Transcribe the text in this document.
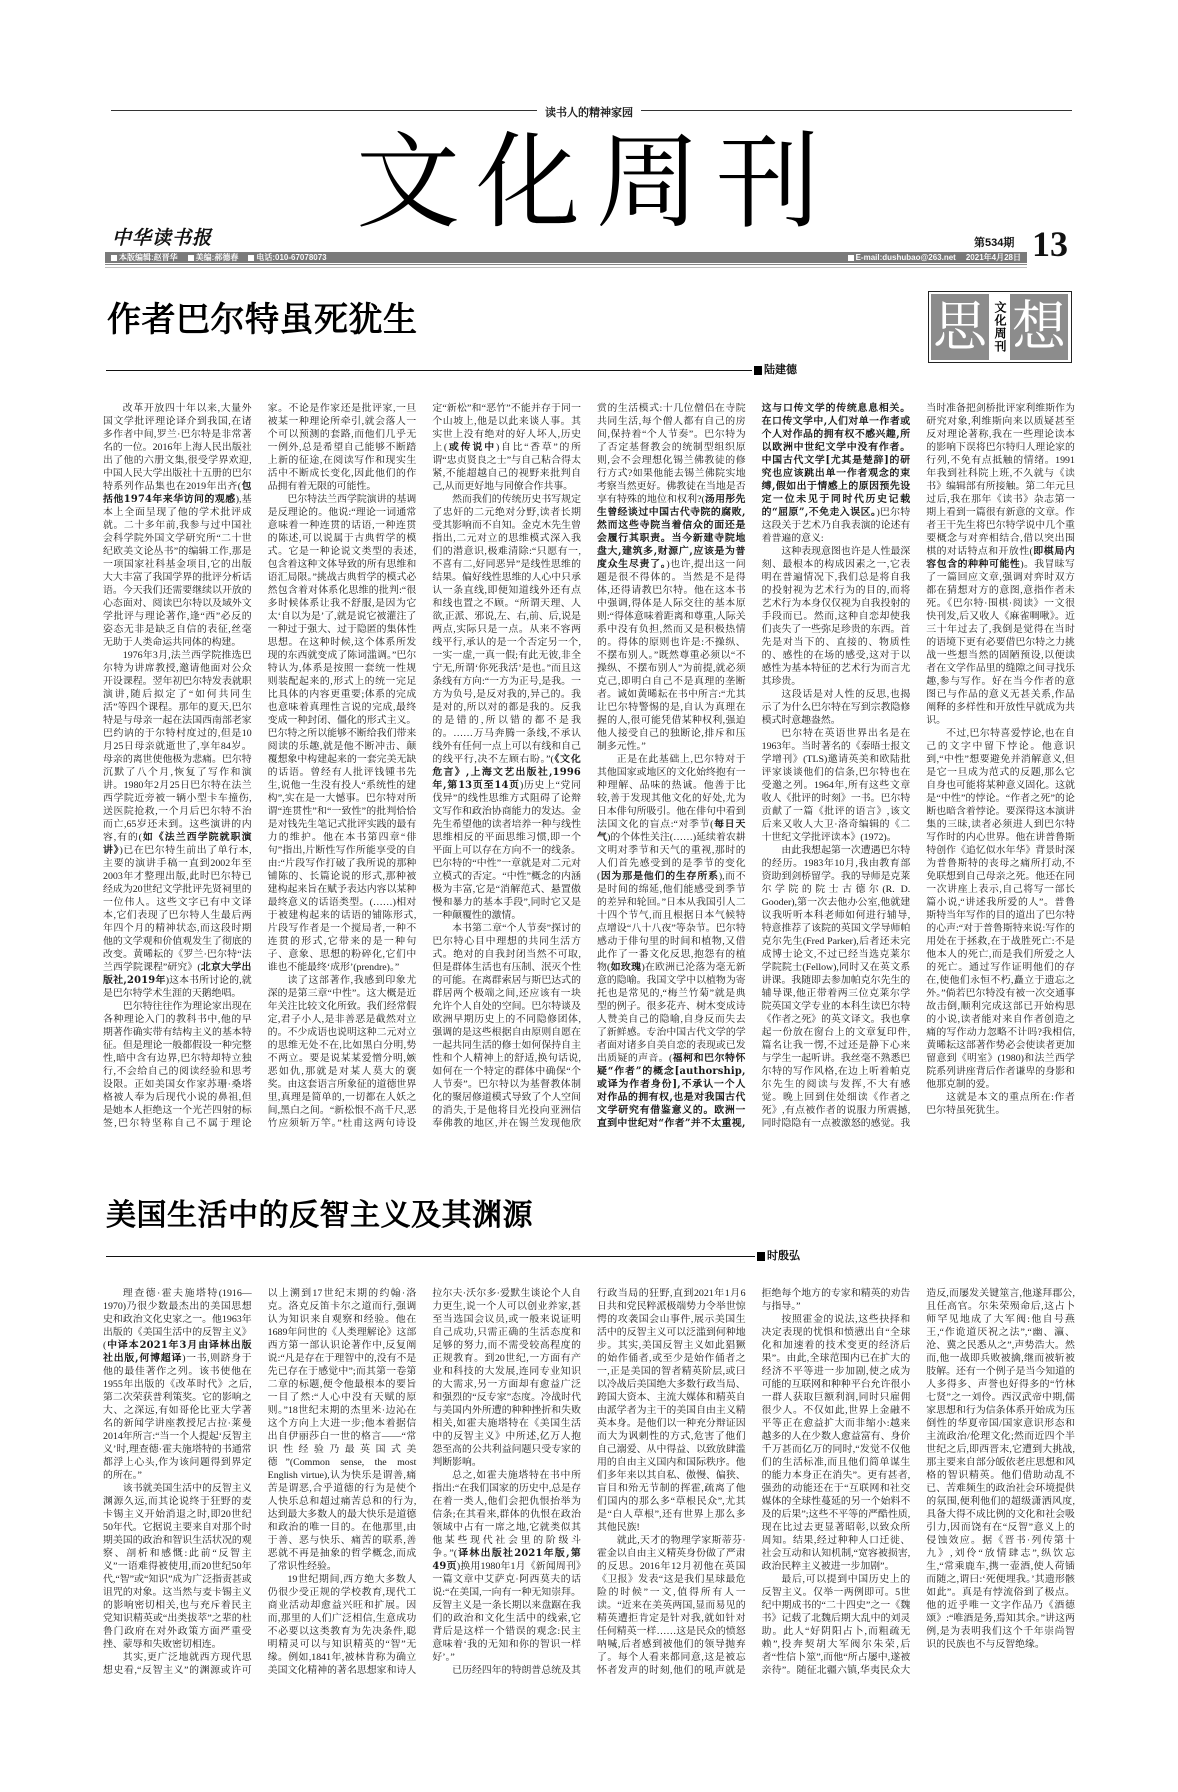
读书人的精神家园
文化周刊
中华读书报	第534期 13
本版编辑:赵晋华 美编:郝德春 电话:010-67078073	E-mail:dushubao@263.net 2021年4月28日
思 文化周刊 想
作者巴尔特虽死犹生
陆建德

改革开放四十年以来,大量外国文学批评理论译介到我国,在诸多作者中间,罗兰·巴尔特是非常著名的一位。2016年上海人民出版社出了他的六册文集,很受学界欢迎,中国人民大学出版社十五册的巴尔特系列作品集也在2019年出齐(包括他1974年来华访问的观感),基本上全面呈现了他的学术批评成就。二十多年前,我参与过中国社会科学院外国文学研究所“二十世纪欧美文论丛书”的编辑工作,那是一项国家社科基金项目,它的出版大大丰富了我国学界的批评分析话语。今天我们还需要继续以开放的心态面对、阅读巴尔特以及域外文学批评与理论著作,逢“西”必反的姿态无非是缺乏自信的表征,丝毫无助于人类命运共同体的构建。

1976年3月,法兰西学院推选巴尔特为讲席教授,邀请他面对公众开设课程。翌年初巴尔特发表就职演讲,随后拟定了“如何共同生活”等四个课程。那年的夏天,巴尔特是与母亲一起在法国西南部老家巴约讷的于尔特村度过的,但是10月25日母亲就逝世了,享年84岁。母亲的离世使他极为悲痛。巴尔特沉默了八个月,恢复了写作和演讲。1980年2月25日巴尔特在法兰西学院近旁被一辆小型卡车撞伤,送医院抢救,一个月后巴尔特不治而亡,65岁还未到。这些演讲的内容,有的(如《法兰西学院就职演讲》)已在巴尔特生前出了单行本,主要的演讲手稿一直到2002年至2003年才整理出版,此时巴尔特已经成为20世纪文学批评先贤祠里的一位伟人。这些文字已有中文译本,它们表现了巴尔特人生最后两年四个月的精神状态,而这段时期他的文学观和价值观发生了彻底的改变。黄晞耘的《罗兰·巴尔特“法兰西学院课程”研究》(北京大学出版社,2019年)这本书所讨论的,就是巴尔特学术生涯的天鹅绝唱。

巴尔特往往作为理论家出现在各种理论入门的教科书中,他的早期著作确实带有结构主义的基本特征。但是理论一般都假设一种完整性,暗中含有边界,巴尔特却特立独行,不会给自己的阅读经验和思考设限。正如美国女作家苏珊·桑塔格被人奉为后现代小说的鼻祖,但是她本人拒绝这一个光芒四射的标签,巴尔特坚称自己不属于理论家。不论是作家还是批评家,一旦被某一种理论所牵引,就会落人一个可以预测的套路,而他们几乎无一例外,总是希望自己能够不断踏上新的征途,在阅读写作和现实生活中不断成长变化,因此他们的作品拥有着无限的可能性。

巴尔特法兰西学院演讲的基调是反理论的。他说:“理论一词通常意味着一种连贯的话语,一种连贯的陈述,可以说属于古典哲学的模式。它是一种论说文类型的表述,包含着这种文体导致的所有思维和语汇局限。”挑战古典哲学的模式必然包含着对体系化思维的批判:“很多时候体系让我不舒服,是因为它太‘自以为是’了,就是说它被灌注了一种过于强大、过于隐匿的集体性思想。在这种时候,这个体系所发现的东西就变成了陈词滥调。”巴尔特认为,体系是按照一套统一性规则装配起来的,形式上的统一完足比具体的内容更重要;体系的完成也意味着真理性言说的完成,最终变成一种封闭、僵化的形式主义。巴尔特之所以能够不断给我们带来阅读的乐趣,就是他不断冲击、颠覆想象中构建起来的一套完美无缺的话语。曾经有人批评钱锺书先生,说他一生没有投人“系统性的建构”,实在是一大憾事。巴尔特对所谓“连贯性”和“一致性”的批判恰恰是对钱先生笔记式批评实践的最有力的维护。他在本书第四章“俳句”指出,片断性写作所能享受的自由:“片段写作打破了我所说的那种铺陈的、长篇论说的形式,那种被建构起来旨在赋予表达内容以某种最终意义的话语类型。(……)相对于被建构起来的话语的铺陈形式,片段写作者是一个搅局者,一种不连贯的形式,它带来的是一种句子、意象、思想的粉碎化,它们中谁也不能最终‘成形’(prendre)。”

读了这部著作,我感到印象尤深的是第三章“中性”。这大概是近年关注比较文化所致。我们经常假定,君子小人,是非善恶是截然对立的。不少成语也说明这种二元对立的思维无处不在,比如黑白分明,势不两立。要是说某某爱憎分明,嫉恶如仇,那就是对某人莫大的褒奖。由这套语言所象征的道德世界里,真理是简单的,一切都在人妖之间,黑白之间。“新松恨不高千尺,恶竹应须斩万竿。”杜甫这两句诗设定“新松”和“恶竹”不能并存于同一个山坡上,他是以此来谈人事。其实世上没有绝对的好人坏人,历史上(或传说中)自比“香草”的所谓“忠贞贤良之士”与自己粘合得太紧,不能超越自己的视野来批判自己,从而更好地与同僚合作共事。

然而我们的传统历史书写规定了忠奸的二元绝对分野,读者长期受其影响而不自知。金克木先生曾指出,二元对立的思维模式深入我们的潜意识,极难清除:“只愿有一,不喜有二,好同恶异”是线性思维的结果。偏好线性思维的人心中只承认一条直线,即便知道线外还有点和线也置之不顾。“所谓天理、人欲,正派、邪说,左、右,前、后,说是两点,实际只是一点。从来不容两线平行,承认的是一个否定另一个,一实一虚,一真一假;有此无彼,非全宁无,所谓‘你死我活’是也。”而且这条线有方向:“一方为正号,是我。一方为负号,是反对我的,异己的。我是对的,所以对的都是我的。反我的是错的,所以错的都不是我的。……万马奔腾一条线,不承认线外有任何一点上可以有线和自己的线平行,决不左顾右盼。”(《文化危言》,上海文艺出版社,1996年,第13页至14页)历史上“党同伐异”的线性思维方式阻碍了论辩文写作和政治协商能力的发达。金先生希望他的读者培养一种与线性思维相反的平面思维习惯,即一个平面上可以存在方向不一的线条。巴尔特的“中性”一章就是对二元对立模式的否定。“中性”概念的内涵极为丰富,它是“消解范式、悬置傲慢和暴力的基本手段”,同时它又是一种颠覆性的激情。

本书第二章“个人节奏”探讨的巴尔特心目中理想的共同生活方式。绝对的自我封闭当然不可取,但是群体生活也有压制、泯灭个性的可能。在离群索居与斯巴达式的群居两个极端之间,还应该有一块允许个人自处的空间。巴尔特谈及欧洲早期历史上的不同隐修团体,强调的是这些根据自由原则自愿在一起共同生活的修士如何保持自主性和个人精神上的舒适,换句话说,如何在一个特定的群体中确保“个人节奏”。巴尔特以为基督教体制化的聚居修道模式导致了个人空间的消失,于是他将目光投向亚洲信奉佛教的地区,并在锡兰发现他欣赏的生活模式:十几位僧侣在寺院共同生活,每个僧人都有自己的房间,保持着“个人节奏”。巴尔特为了否定基督教会的统制型组织原则,会不会理想化锡兰佛教徒的修行方式?如果他能去锡兰佛院实地考察当然更好。佛教徒在当地是否享有特殊的地位和权利?(汤用彤先生曾经谈过中国古代寺院的腐败,然而这些寺院当着信众的面还是会履行其职责。当今新建寺院地盘大,建筑多,财源广,应该是为普度众生尽责了。)也许,提出这一问题是很不得体的。当然是不是得体,还得请教巴尔特。他在这本书中强调,得体是人际交往的基本原则:“得体意味着距离和尊重,人际关系中没有负担,然而又是积极热情的。得体的原则也许是:不操纵、不摆布别人。”既然尊重必须以“不操纵、不摆布别人”为前提,就必须克己,即明白自己不是真理的垄断者。诚如黄晞耘在书中所言:“尤其让巴尔特警惕的是,自认为真理在握的人,很可能凭借某种权利,强迫他人接受自己的独断论,排斥和压制多元性。”

正是在此基础上,巴尔特对于其他国家或地区的文化始终抱有一种理解、品味的热诚。他善于比较,善于发现其他文化的好处,尤为日本俳句所吸引。他在俳句中看到法国文化的盲点:“对季节(每日天气)的个体性关注(……)延续着农耕文明对季节和天气的重视,那时的人们首先感受到的是季节的变化(因为那是他们的生存所系),而不是时间的绵延,他们能感受到季节的差异和轮回。”日本从我国引人二十四个节气,而且根据日本气候特点增设“八十八夜”等杂节。巴尔特感动于俳句里的时间和植物,又借此作了一番文化反思,抱怨有的植物(如玫瑰)在欧洲已沦落为毫无新意的隐喻。我国文学中以植物为寄托也是常见的,“梅兰竹菊”就是典型的例子。很多花卉、树木变成诗人赞美自己的隐喻,自身反而失去了新鲜感。专治中国古代文学的学者面对诸多自美自恋的表现或已发出质疑的声音。(福柯和巴尔特怀疑“作者”的概念[authorship,或译为作者身份],不承认一个人对作品的拥有权,也是对我国古代文学研究有借鉴意义的。欧洲一直到中世纪对“作者”并不太重视,这与口传文学的传统息息相关。在口传文学中,人们对单一作者或个人对作品的拥有权不感兴趣,所以欧洲中世纪文学中没有作者。中国古代文学[尤其是楚辞]的研究也应该跳出单一作者观念的束缚,假如出于情感上的原因预先设定一位未见于同时代历史记载的“屈原”,不免走入误区。)巴尔特这段关于艺术乃自我表演的论述有着普遍的意义:

这种表现意图也许是人性最深刻、最根本的构成因素之一,它表明在普遍情况下,我们总是将自我的投射视为艺术行为的目的,而将艺术行为本身仅仅视为自我投射的手段而已。然而,这种自恋却使我们丧失了一些弥足珍贵的东西。首先是对当下的、直接的、物质性的、感性的在场的感受,这对于以感性为基本特征的艺术行为而言尤其珍贵。

这段话是对人性的反思,也揭示了为什么巴尔特在写到宗教隐修模式时意趣盎然。

巴尔特在英语世界出名是在1963年。当时著名的《泰晤士报文学增刊》(TLS)邀请英美和欧陆批评家谈谈他们的信条,巴尔特也在受邀之列。1964年,所有这些文章收人《批评的时刻》一书。巴尔特贡献了一篇《批评的语言》,该文后来又收人大卫·洛奇编辑的《二十世纪文学批评读本》(1972)。

由此我想起第一次遭遇巴尔特的经历。1983年10月,我由教育部资助到剑桥留学。我的导师是克莱尔学院的院士古德尔(R. D. Gooder),第一次去他办公室,他就建议我听听本科老师如何进行辅导,特意推荐了该院的英国文学导师帕克尔先生(Fred Parker),后者还未完成博士论文,不过已经当选克莱尔学院院士(Fellow),同时又在英文系讲课。我随即去参加帕克尔先生的辅导课,他正带着两三位克莱尔学院英国文学专业的本科生读巴尔特《作者之死》的英文译文。我也拿起一份放在窗台上的文章复印件,篇名让我一愣,不过还是静下心来与学生一起听讲。我丝毫不熟悉巴尔特的写作风格,在边上听着帕克尔先生的阅读与发挥,不大有感觉。晚上回到住处细读《作者之死》,有点被作者的说服力所震撼,同时隐隐有一点被激怒的感觉。我当时准备把剑桥批评家利维斯作为研究对象,利维斯向来以质疑甚至反对理论著称,我在一些理论读本的影响下误将巴尔特归人理论家的行列,不免有点抵触的情绪。1991年我到社科院上班,不久就与《读书》编辑部有所接触。第二年元旦过后,我在那年《读书》杂志第一期上看到一篇很有新意的文章。作者王干先生将巴尔特学说中几个重要概念与对弈相结合,借以突出围棋的对话特点和开放性(即棋局内容包含的种种可能性)。我冒昧写了一篇回应文章,强调对弈时双方都在猜想对方的意图,意指作者未死。《巴尔特·围棋·阅读》一文很快刊发,后又收人《麻雀啁啾》。近三十年过去了,我倒是觉得在当时的语境下更有必要借巴尔特之力挑战一些想当然的固陋预设,以便读者在文学作品里的缝隙之间寻找乐趣,参与写作。好在当今作者的意图已与作品的意义无甚关系,作品阐释的多样性和开放性早就成为共识。

不过,巴尔特喜爱悖论,也在自己的文字中留下悖论。他意识到,“中性”想要避免并消解意义,但是它一旦成为范式的反题,那么它自身也可能将某种意义固化。这就是“中性”的悖论。“作者之死”的论断也暗含着悖论。要深得这本演讲集的三昧,读者必须进人到巴尔特写作时的内心世界。他在讲普鲁斯特创作《追忆似水年华》背景时深为普鲁斯特的丧母之痛所打动,不免联想到自己母亲之死。他还在同一次讲座上表示,自己将写一部长篇小说,“讲述我所爱的人”。普鲁斯特当年写作的目的道出了巴尔特的心声:“对于普鲁斯特来说:写作的用处在于拯救,在于战胜死亡:不是他本人的死亡,而是我们所爱之人的死亡。通过写作证明他们的存在,使他们永恒不朽,矗立于遗忘之外。”倘若巴尔特没有被一次交通事故击倒,顺利完成这部已开始构思的小说,读者能对来自作者创造之痛的写作动力忽略不计吗?我相信,黄晞耘这部著作势必会使读者更加留意到《明室》(1980)和法兰西学院系列讲座背后作者谦卑的身影和他那克制的爱。

这就是本文的重点所在:作者巴尔特虽死犹生。

美国生活中的反智主义及其渊源
时殷弘

理查德·霍夫施塔特(1916—1970)乃很少数最杰出的美国思想史和政治文化史家之一。他1963年出版的《美国生活中的反智主义》(中译本2021年3月由译林出版社出版,何博超译)一书,则跻身于他的最佳著作之列。该书使他在1955年出版的《改革时代》之后,第二次荣获普利策奖。它的影响之大、之深远,有如哥伦比亚大学著名的新闻学讲座教授尼古拉·莱曼2014年所言:“当一个人提起‘反智主义’时,理查德·霍夫施塔特的书通常都浮上心头,作为该问题得到界定的所在。”

该书就美国生活中的反智主义渊源久远,而其论说终于狂野的麦卡锡主义开始消退之时,即20世纪50年代。它据说主要来自对那个时期美国的政治和智识生活状况的观察、剖析和感慨:此前“反智主义”一语难得被使用,而20世纪50年代,“智”或“知识”成为广泛指责甚或诅咒的对象。这当然与麦卡锡主义的影响密切相关,也与充斥着民主党知识精英或“出类拔萃”之辈的杜鲁门政府在对外政策方面严重受挫、蒙辱和失败密切相连。

其实,更广泛地就西方现代思想史看,“反智主义”的渊源或许可以上溯到17世纪末期的约翰·洛克。洛克反笛卡尔之道而行,强调认为知识来自观察和经验。他在1689年问世的《人类理解论》这部西方第一部认识论著作中,反复阐说:“凡是存在于理智中的,没有不是先已存在于感觉中”;而其第一卷第二章的标题,便令他最根本的要旨一目了然:“人心中没有天赋的原则。”18世纪末期的杰里米·边沁在这个方向上大进一步;他本着据信出自伊丽莎白一世的格言——“常识性经验乃最英国式美德”(Common sense, the most English virtue),认为快乐是谓善,痛苦是谓恶,合乎道德的行为是使个人快乐总和超过痛苦总和的行为,达到最大多数人的最大快乐是道德和政治的唯一目的。在他那里,由于善、恶与快乐、痛苦的联系,善恶就不再是抽象的哲学概念,而成了常识性经验。

19世纪期间,西方绝大多数人仍很少受正规的学校教育,现代工商业活动却愈益兴旺和扩展。因而,那里的人们广泛相信,生意成功不必要以这类教育为先决条件,聪明精灵可以与知识精英的“智”无缘。例如,1841年,被林肯称为确立美国文化精神的著名思想家和诗人拉尔夫·沃尔多·爱默生谈论个人自力更生,说一个人可以创业养家,甚至当选国会议员,或一般来说证明自己成功,只需正确的生活态度和足够的努力,而不需受较高程度的正规教育。到20世纪,一方面有产业和科技的大发展,连同专业知识的大需求,另一方面却有愈益广泛和强烈的“反专家”态度。冷战时代与美国内外所遭的种种挫折和失败相关,如霍夫施塔特在《美国生活中的反智主义》中所述,亿万人抱怨至高的公共利益问题只受专家的判断影响。

总之,如霍夫施塔特在书中所指出:“在我们国家的历史中,总是存在着一类人,他们会把仇恨抬举为信条;在其看来,群体的仇恨在政治领域中占有一席之地,它就类似其他某些现代社会里的阶级斗争。”(译林出版社2021年版,第49页)换用1980年1月《新闻周刊》一篇文章中艾萨克·阿西莫夫的话说:“在美国,一向有一种无知崇拜。反智主义是一条长期以来盘踞在我们的政治和文化生活中的线索,它背后是这样一个错误的观念:民主意味着‘我的无知和你的智识一样好’。”

已历经四年的特朗普总统及其行政当局的狂野,直到2021年1月6日共和党民粹派极端势力令举世惊愕的攻袭国会山事件,展示美国生活中的反智主义可以泛滥到何种地步。其实,美国反智主义如此猖獗的始作俑者,或至少是始作俑者之一,正是美国的智者精英阶层,或曰以冷战后美国绝大多数行政当局、跨国大资本、主流大媒体和精英自由派学者为主干的美国自由主义精英本身。是他们以一种充分辩证因而大为讽刺性的方式,危害了他们自己溺爱、从中得益、以致放肆滥用的自由主义国内和国际秩序。他们多年来以其自私、傲慢、偏狭、盲目和殆无节制的挥霍,疏离了他们国内的那么多“草根民众”,尤其是“白人草根”,还有世界上那么多其他民族!

就此,天才的物理学家斯蒂芬·霍金以自由主义精英身份做了严肃的反思。2016年12月初他在英国《卫报》发表“这是我们星球最危险的时候”一文,值得所有人一读。“近来在美英两国,显而易见的精英遭拒肯定是针对我,就如针对任何精英一样……这是民众的愤怒呐喊,后者感到被他们的领导抛弃了。每个人看来都同意,这是被忘怀者发声的时刻,他们的吼声就是拒绝每个地方的专家和精英的劝告与指导。”

按照霍金的说法,这些抉择和决定表现的忧惧和愤懑出自“全球化和加速着的技术变更的经济后果”。由此,全球范围内已在扩大的经济不平等进一步加剧,使之成为可能的互联网和种种平台允许很小一群人获取巨额利润,同时只雇佣很少人。不仅如此,世界上金融不平等正在愈益扩大而非缩小:越来越多的人在少数人愈益富有、身价千万甚而亿万的同时,“发觉不仅他们的生活标准,而且他们简单谋生的能力本身正在消失”。更有甚者,强劲的动能还在于“互联网和社交媒体的全球性蔓延的另一个始料不及的后果”;这些不平等的严酷性质,现在比过去更显著昭彰,以致众所周知。结果,经过种种人口迁徙、社会互动和认知机制,“宽容被损害,政治民粹主义被进一步加剧”。

最后,可以提到中国历史上的反智主义。仅举一两例即可。5世纪中期成书的“二十四史”之一《魏书》记载了北魏后期大乱中的刘灵助。此人“好阴阳占卜,而粗疏无赖”,投奔契胡大军阀尔朱荣,后者“性信卜筮”,而他“所占屡中,遂被亲待”。随征北疆六镇,华夷民众大造反,而屡发关键筮言,他遂拜郡公,且任高官。尔朱荣殒命后,这占卜师罕见地成了大军阀:他自号燕王,“作诡道厌祝之法”,“幽、瀛、沧、冀之民悉从之”,声势浩大。然而,他一战即兵败被擒,继而被斩被肢解。还有一个例子是当今知道的人多得多、声誉也好得多的“竹林七贤”之一刘伶。西汉武帝中期,儒家思想和行为信条体系开始成为压倒性的华夏帝国/国家意识形态和主流政治/伦理文化;然而近四个半世纪之后,即西晋末,它遭到大挑战,那主要来自部分皈依老庄思想和风格的智识精英。他们借助动乱不已、苦难频生的政治社会环境提供的氛围,便利他们的超级潇洒风度,具备大得不成比例的文化和社会吸引力,因而饶有在“反智”意义上的侵蚀效应。据《晋书·列传第十九》,刘伶“放情肆志”,纵饮忘生,“常乘鹿车,携一壶酒,使人荷锸而随之,谓曰:‘死便埋我。’其遗形骸如此”。真是有悖流俗到了极点。他的近乎唯一文字作品乃《酒德颂》:“唯酒是务,焉知其余。”讲这两例,是为表明我们这个千年崇尚智识的民族也不与反智绝缘。
